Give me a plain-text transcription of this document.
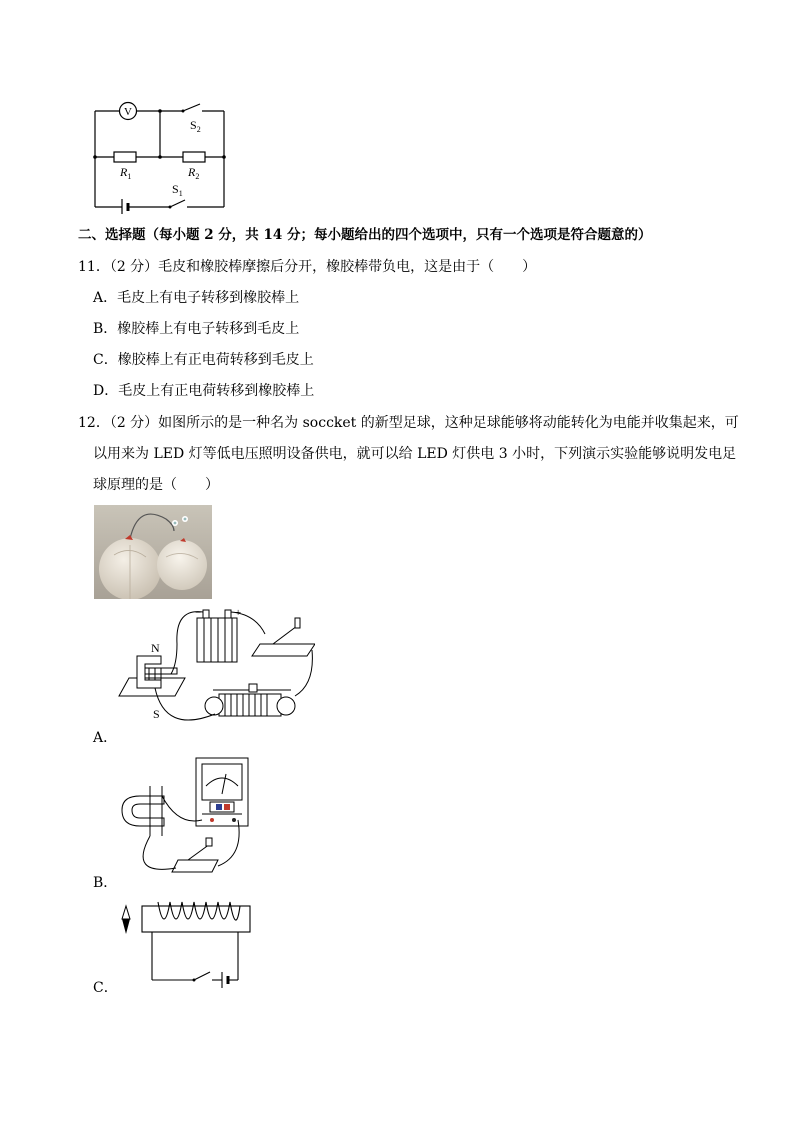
V
$S_2$
$R_1$	$R_2$
$S_1$
二、选择题（每小题 2 分，共 14 分；每小题给出的四个选项中，只有一个选项是符合题意的）
11．（2 分）毛皮和橡胶棒摩擦后分开，橡胶棒带负电，这是由于（　　）
A．毛皮上有电子转移到橡胶棒上
B．橡胶棒上有电子转移到毛皮上
C．橡胶棒上有正电荷转移到毛皮上
D．毛皮上有正电荷转移到橡胶棒上
12．（2 分）如图所示的是一种名为 soccket 的新型足球，这种足球能够将动能转化为电能并收集起来，可
以用来为 LED 灯等低电压照明设备供电，就可以给 LED 灯供电 3 小时，下列演示实验能够说明发电足
球原理的是（　　）
N
S
−	+
A．
B．
C．
